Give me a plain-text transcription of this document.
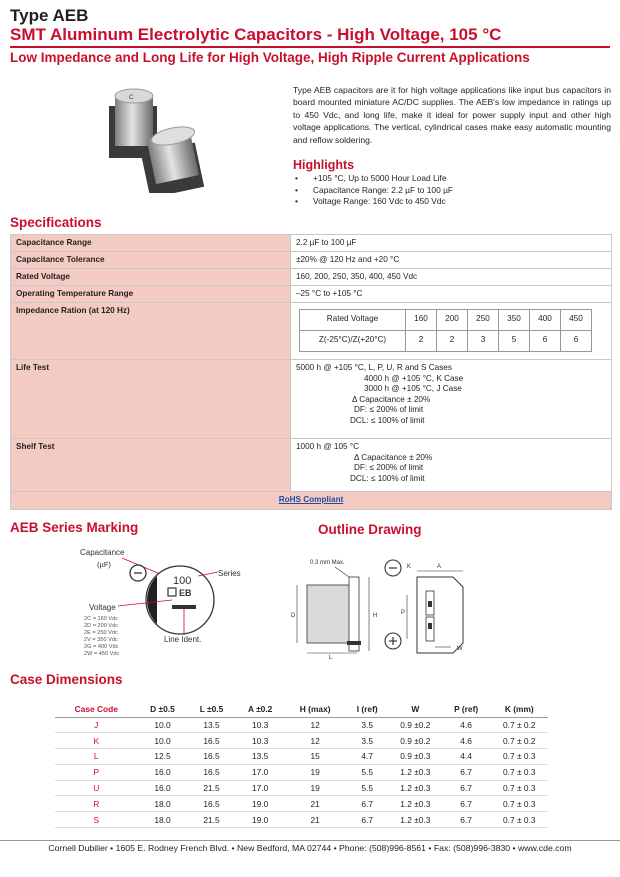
Type AEB
SMT Aluminum Electrolytic Capacitors - High Voltage, 105 °C
Low Impedance and Long Life for High Voltage, High Ripple Current Applications
C
Type AEB capacitors are it for high voltage applications like input bus capacitors in board mounted miniature AC/DC supplies. The AEB's low impedance in ratings up to 450 Vdc, and long life, make it ideal for power supply input and other high voltage applications. The vertical, cylindrical cases make easy automatic mounting and reflow soldering.
Highlights
• +105 °C, Up to 5000 Hour Load Life
• Capacitance Range: 2.2 µF to 100 µF
• Voltage Range: 160 Vdc to 450 Vdc
Specifications
Capacitance Range	2.2 µF to 100 µF
Capacitance Tolerance	±20% @ 120 Hz and +20 °C
Rated Voltage	160, 200, 250, 350, 400, 450 Vdc
Operating Temperature Range	–25 °C to +105 °C
Impedance Ration (at 120 Hz)	
Rated Voltage	160	200	250	350	400	450
Z(-25°C)/Z(+20°C)	2	2	3	5	6	6

Life Test	5000 h @ +105 °C, L, P, U, R and S Cases
4000 h @ +105 °C, K Case
3000 h @ +105 °C, J Case
Δ Capacitance ± 20%
DF: ≤ 200% of limit
DCL: ≤ 100% of limit

Shelf Test	1000 h @ 105 °C
Δ Capacitance ± 20%
DF: ≤ 200% of limit
DCL: ≤ 100% of limit

RoHS Compliant
AEB Series Marking	Outline Drawing
Capacitance
(µF)
100
EB
Series
Voltage
Line Ident.
2C = 160 Vdc
2D = 200 Vdc
2E = 250 Vdc
2V = 350 Vdc
2G = 400 Vdc
2W = 450 Vdc
0.3 mm Max.
D	H
L
A
K
P
W
Case Dimensions
Case Code	D ±0.5	L ±0.5	A ±0.2	H (max)	I (ref)	W	P (ref)	K (mm)
J	10.0	13.5	10.3	12	3.5	0.9 ±0.2	4.6	0.7 ± 0.2
K	10.0	16.5	10.3	12	3.5	0.9 ±0.2	4.6	0.7 ± 0.2
L	12.5	16.5	13.5	15	4.7	0.9 ±0.3	4.4	0.7 ± 0.3
P	16.0	16.5	17.0	19	5.5	1.2 ±0.3	6.7	0.7 ± 0.3
U	16.0	21.5	17.0	19	5.5	1.2 ±0.3	6.7	0.7 ± 0.3
R	18.0	16.5	19.0	21	6.7	1.2 ±0.3	6.7	0.7 ± 0.3
S	18.0	21.5	19.0	21	6.7	1.2 ±0.3	6.7	0.7 ± 0.3
Cornell Dubilier • 1605 E. Rodney French Blvd. • New Bedford, MA 02744 • Phone: (508)996-8561 • Fax: (508)996-3830 • www.cde.com
